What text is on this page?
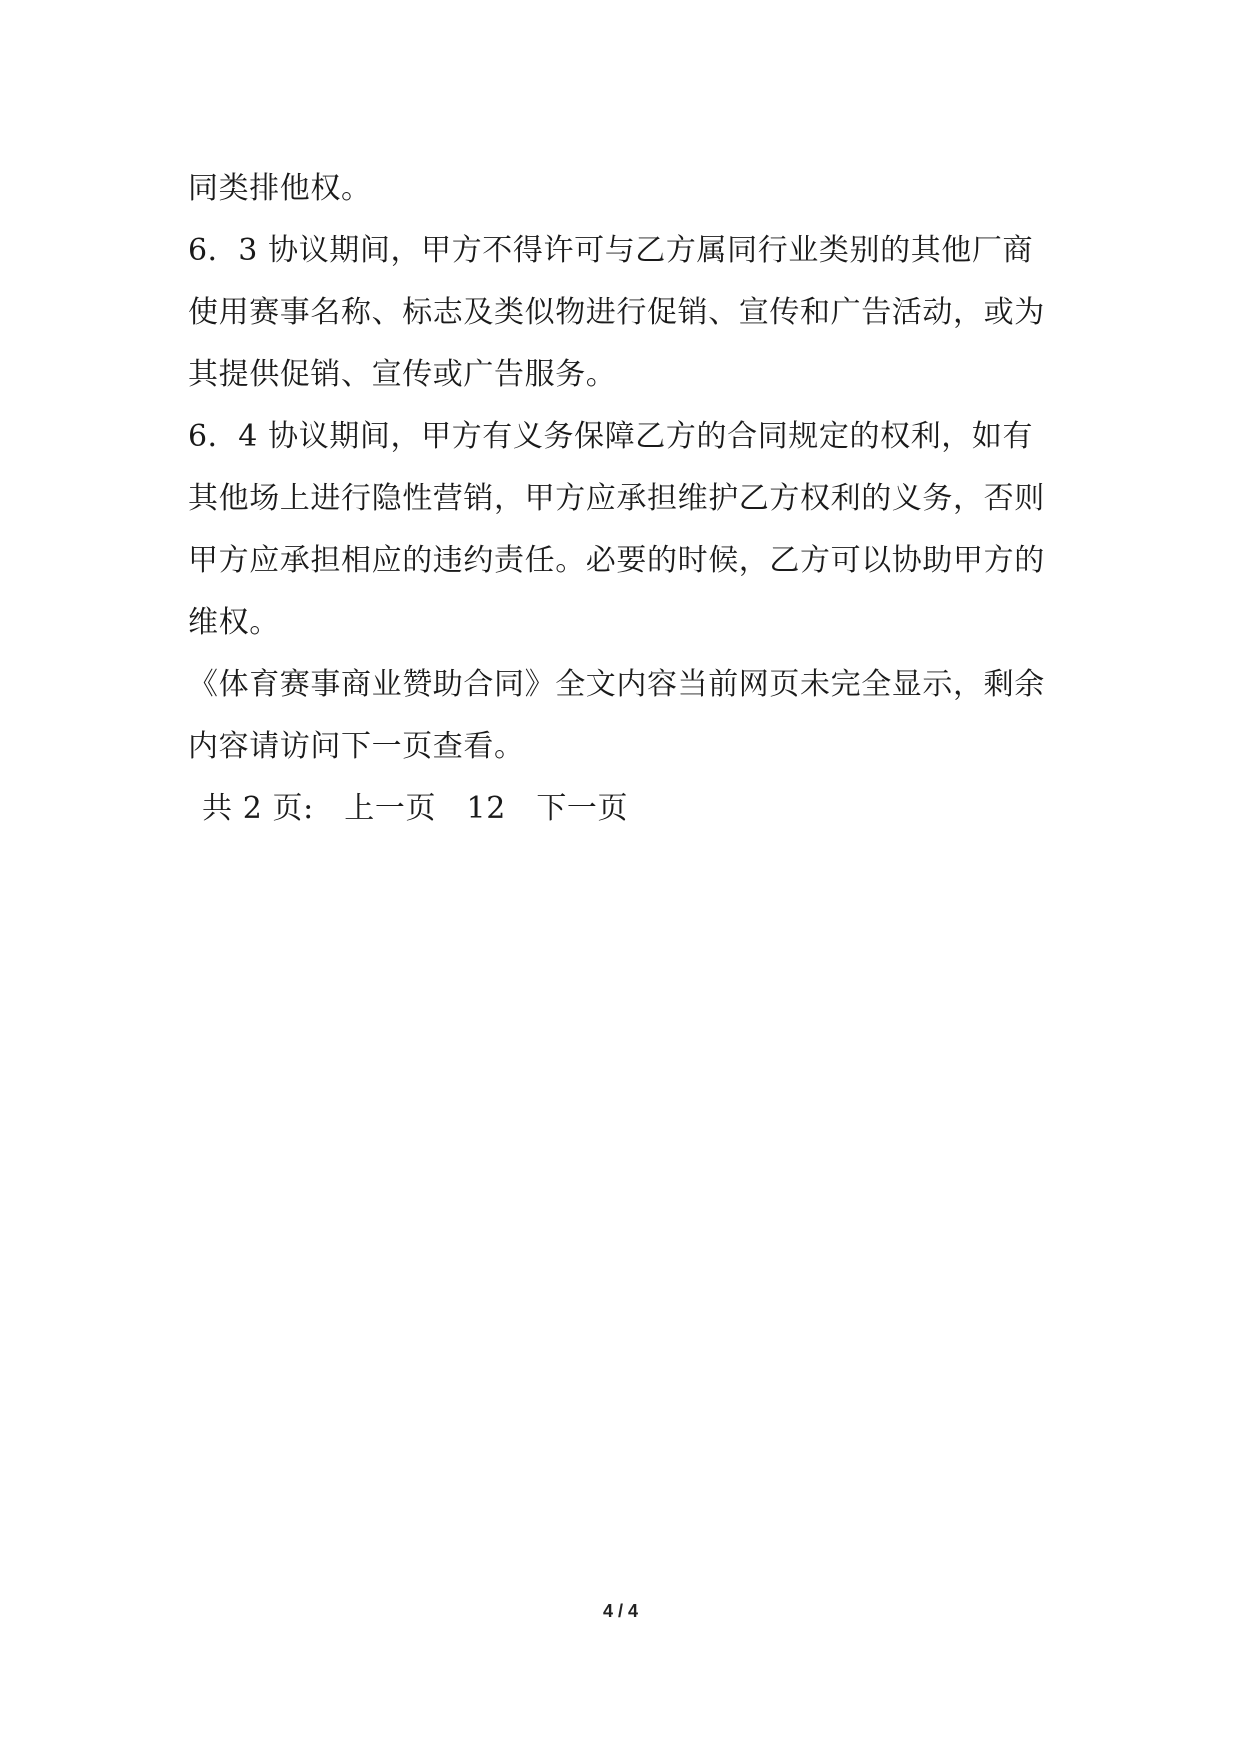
同类排他权。
6．3 协议期间，甲方不得许可与乙方属同行业类别的其他厂商
使用赛事名称、标志及类似物进行促销、宣传和广告活动，或为
其提供促销、宣传或广告服务。
6．4 协议期间，甲方有义务保障乙方的合同规定的权利，如有
其他场上进行隐性营销，甲方应承担维护乙方权利的义务，否则
甲方应承担相应的违约责任。必要的时候，乙方可以协助甲方的
维权。
《体育赛事商业赞助合同》全文内容当前网页未完全显示，剩余
内容请访问下一页查看。
共 2 页: 上一页 12 下一页
4 / 4
